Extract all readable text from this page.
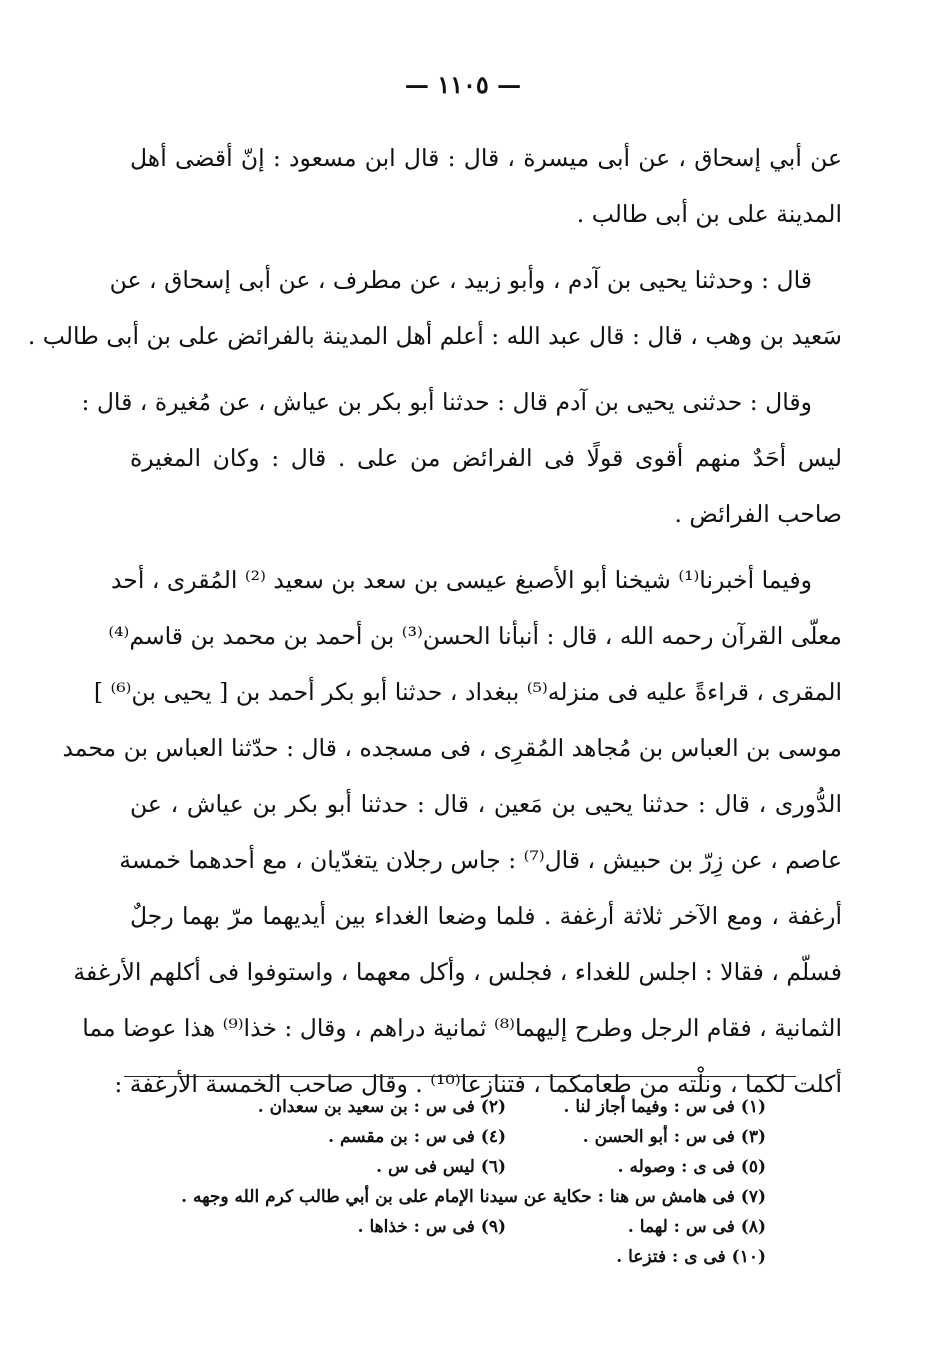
— ١١٠٥ —

عن أبي إسحاق ، عن أبى ميسرة ، قال : قال ابن مسعود : إنّ أقضى أهل
المدينة على بن أبى طالب .

قال : وحدثنا يحيى بن آدم ، وأبو زبيد ، عن مطرف ، عن أبى إسحاق ، عن
سَعيد بن وهب ، قال : قال عبد الله : أعلم أهل المدينة بالفرائض على بن أبى طالب .

وقال : حدثنى يحيى بن آدم قال : حدثنا أبو بكر بن عياش ، عن مُغيرة ، قال :
ليس أحَدٌ منهم أقوى قولًا فى الفرائض من على . قال : وكان المغيرة
صاحب الفرائض .

وفيما أخبرنا⁽¹⁾ شيخنا أبو الأصبغ عيسى بن سعد بن سعيد ⁽²⁾ المُقرى ، أحد
معلّى القرآن رحمه الله ، قال : أنبأنا الحسن⁽³⁾ بن أحمد بن محمد بن قاسم⁽⁴⁾
المقرى ، قراءةً عليه فى منزله⁽⁵⁾ ببغداد ، حدثنا أبو بكر أحمد بن [ يحيى بن⁽⁶⁾ ]
موسى بن العباس بن مُجاهد المُقرِى ، فى مسجده ، قال : حدّثنا العباس بن محمد
الدُّورى ، قال : حدثنا يحيى بن مَعين ، قال : حدثنا أبو بكر بن عياش ، عن
عاصم ، عن زِرّ بن حبيش ، قال⁽⁷⁾ : جاس رجلان يتغدّيان ، مع أحدهما خمسة
أرغفة ، ومع الآخر ثلاثة أرغفة . فلما وضعا الغداء بين أيديهما مرّ بهما رجلٌ
فسلّم ، فقالا : اجلس للغداء ، فجلس ، وأكل معهما ، واستوفوا فى أكلهم الأرغفة
الثمانية ، فقام الرجل وطرح إليهما⁽⁸⁾ ثمانية دراهم ، وقال : خذا⁽⁹⁾ هذا عوضا مما
أكلت لكما ، ونلْته من طعامكما ، فتنازعا⁽¹⁰⁾ . وقال صاحب الخمسة الأرغفة :

(١) فى س : وفيما أجاز لنا .
(٢) فى س : بن سعيد بن سعدان .
(٣) فى س : أبو الحسن .
(٤) فى س : بن مقسم .
(٥) فى ى : وصوله .
(٦) ليس فى س .
(٧) فى هامش س هنا : حكاية عن سيدنا الإمام على بن أبي طالب كرم الله وجهه .
(٨) فى س : لهما .
(٩) فى س : خذاها .
(١٠) فى ى : فتزعا .
